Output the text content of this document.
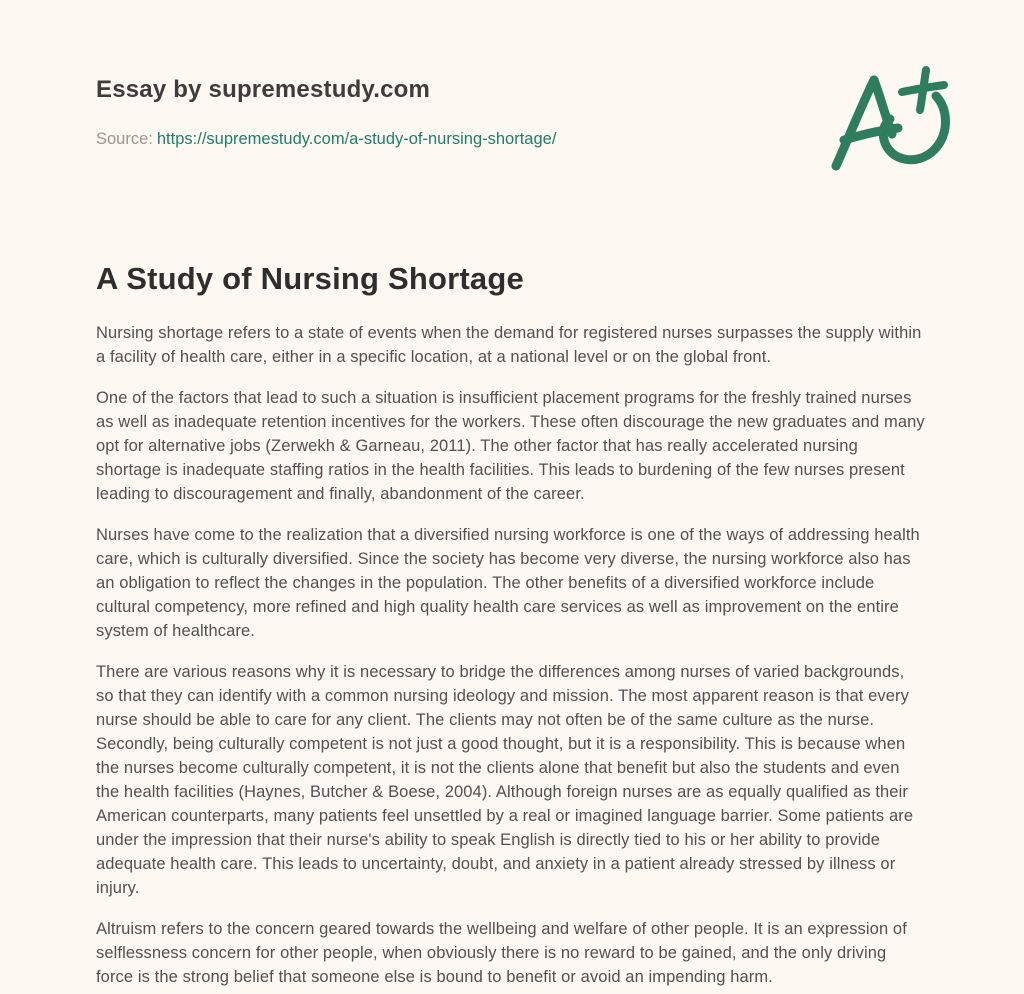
Essay by supremestudy.com

Source: https://supremestudy.com/a-study-of-nursing-shortage/

A Study of Nursing Shortage

Nursing shortage refers to a state of events when the demand for registered nurses surpasses the supply within a facility of health care, either in a specific location, at a national level or on the global front.

One of the factors that lead to such a situation is insufficient placement programs for the freshly trained nurses as well as inadequate retention incentives for the workers. These often discourage the new graduates and many opt for alternative jobs (Zerwekh & Garneau, 2011). The other factor that has really accelerated nursing shortage is inadequate staffing ratios in the health facilities. This leads to burdening of the few nurses present leading to discouragement and finally, abandonment of the career.

Nurses have come to the realization that a diversified nursing workforce is one of the ways of addressing health care, which is culturally diversified. Since the society has become very diverse, the nursing workforce also has an obligation to reflect the changes in the population. The other benefits of a diversified workforce include cultural competency, more refined and high quality health care services as well as improvement on the entire system of healthcare.

There are various reasons why it is necessary to bridge the differences among nurses of varied backgrounds, so that they can identify with a common nursing ideology and mission. The most apparent reason is that every nurse should be able to care for any client. The clients may not often be of the same culture as the nurse. Secondly, being culturally competent is not just a good thought, but it is a responsibility. This is because when the nurses become culturally competent, it is not the clients alone that benefit but also the students and even the health facilities (Haynes, Butcher & Boese, 2004). Although foreign nurses are as equally qualified as their American counterparts, many patients feel unsettled by a real or imagined language barrier. Some patients are under the impression that their nurse's ability to speak English is directly tied to his or her ability to provide adequate health care. This leads to uncertainty, doubt, and anxiety in a patient already stressed by illness or injury.

Altruism refers to the concern geared towards the wellbeing and welfare of other people. It is an expression of selflessness concern for other people, when obviously there is no reward to be gained, and the only driving force is the strong belief that someone else is bound to benefit or avoid an impending harm.
